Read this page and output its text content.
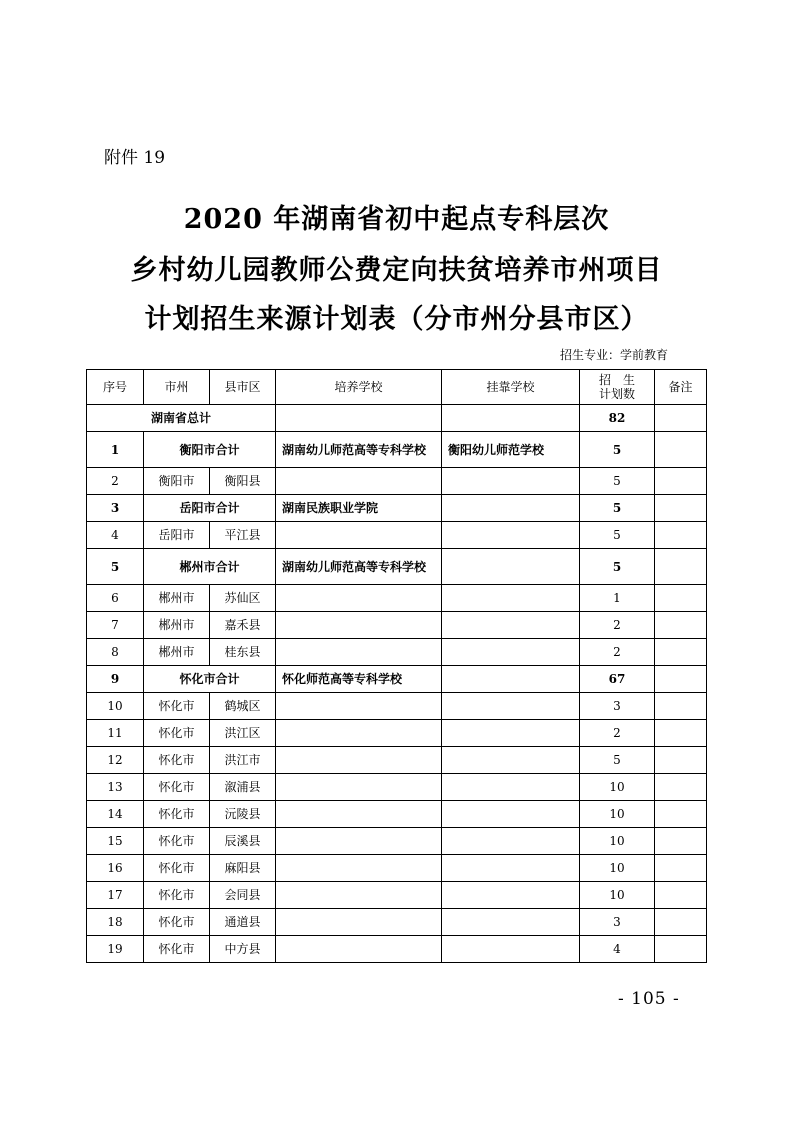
附件 19
2020 年湖南省初中起点专科层次
乡村幼儿园教师公费定向扶贫培养市州项目
计划招生来源计划表（分市州分县市区）
招生专业：学前教育
序号	市州	县市区	培养学校	挂靠学校	招　生
计划数	备注
湖南省总计					82	
1	衡阳市合计		湖南幼儿师范高等专科学校	衡阳幼儿师范学校	5	
2	衡阳市	衡阳县			5	
3	岳阳市合计		湖南民族职业学院		5	
4	岳阳市	平江县			5	
5	郴州市合计		湖南幼儿师范高等专科学校		5	
6	郴州市	苏仙区			1	
7	郴州市	嘉禾县			2	
8	郴州市	桂东县			2	
9	怀化市合计		怀化师范高等专科学校		67	
10	怀化市	鹤城区			3	
11	怀化市	洪江区			2	
12	怀化市	洪江市			5	
13	怀化市	溆浦县			10	
14	怀化市	沅陵县			10	
15	怀化市	辰溪县			10	
16	怀化市	麻阳县			10	
17	怀化市	会同县			10	
18	怀化市	通道县			3	
19	怀化市	中方县			4	
- 105 -
